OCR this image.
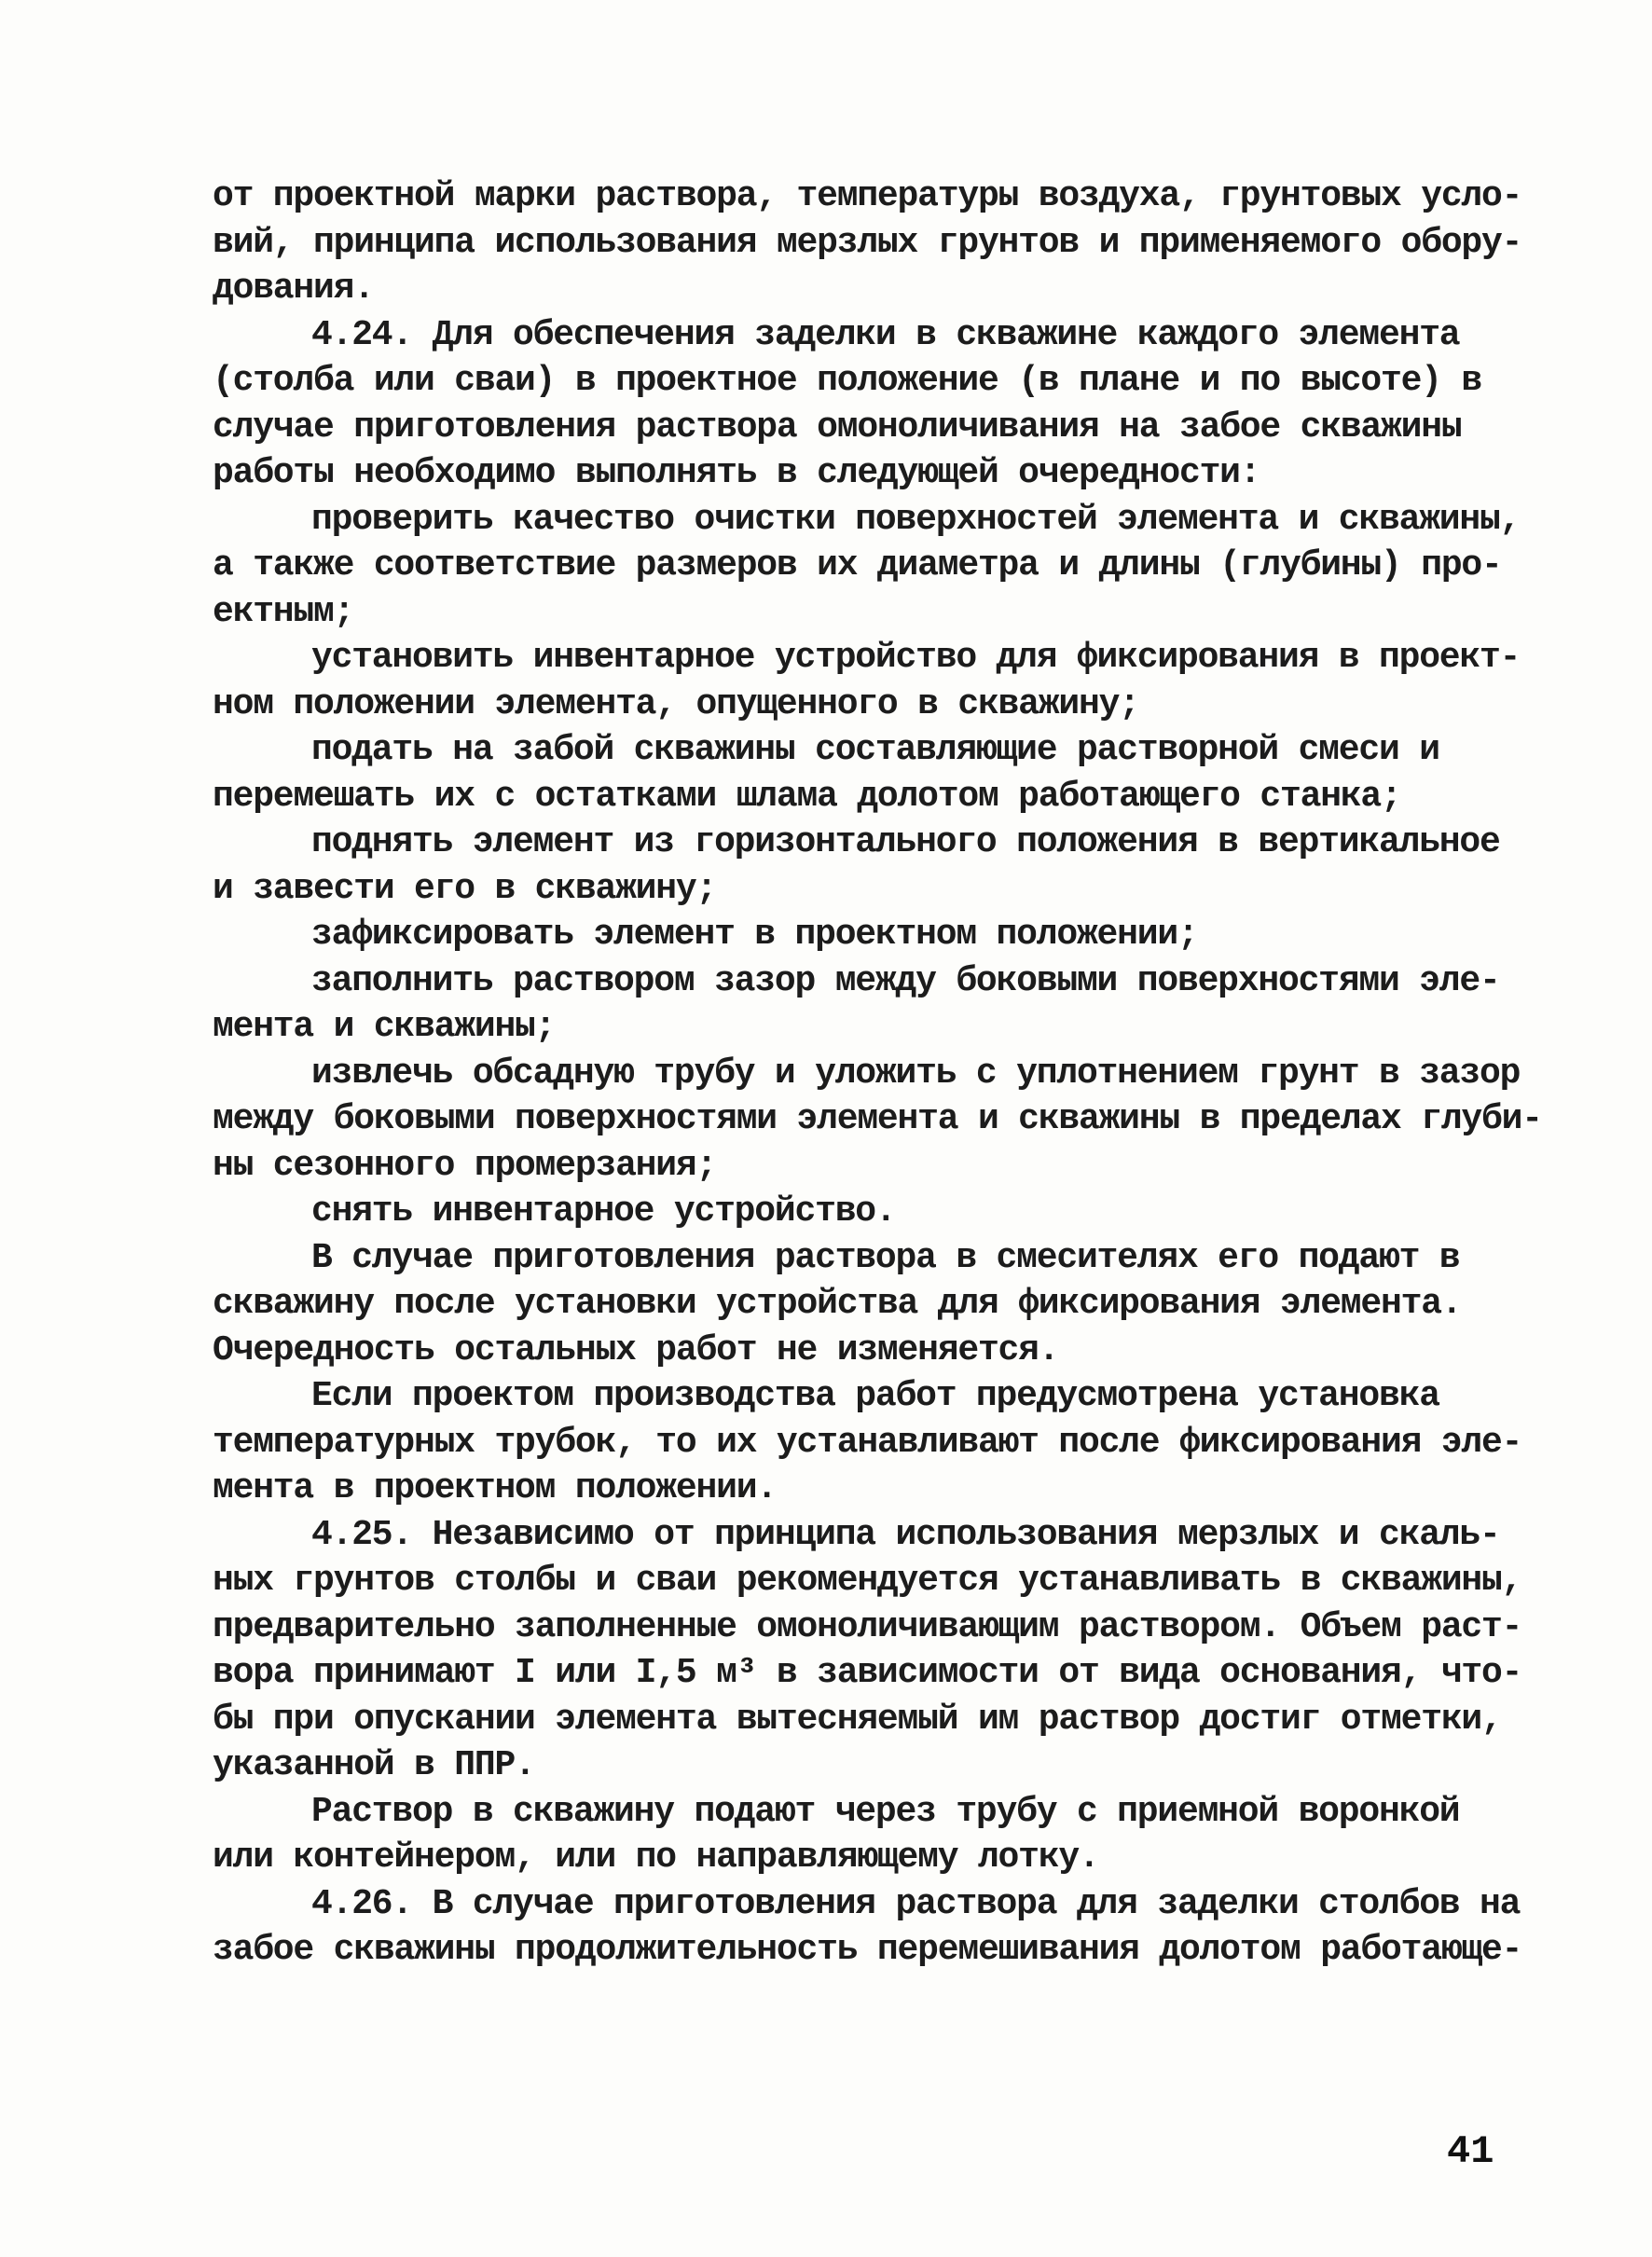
от проектной марки раствора, температуры воздуха, грунтовых усло-
вий, принципа использования мерзлых грунтов и применяемого обору-
дования.
4.24. Для обеспечения заделки в скважине каждого элемента
(столба или сваи) в проектное положение (в плане и по высоте) в
случае приготовления раствора омоноличивания на забое скважины
работы необходимо выполнять в следующей очередности:
проверить качество очистки поверхностей элемента и скважины,
а также соответствие размеров их диаметра и длины (глубины) про-
ектным;
установить инвентарное устройство для фиксирования в проект-
ном положении элемента, опущенного в скважину;
подать на забой скважины составляющие растворной смеси и
перемешать их с остатками шлама долотом работающего станка;
поднять элемент из горизонтального положения в вертикальное
и завести его в скважину;
зафиксировать элемент в проектном положении;
заполнить раствором зазор между боковыми поверхностями эле-
мента и скважины;
извлечь обсадную трубу и уложить с уплотнением грунт в зазор
между боковыми поверхностями элемента и скважины в пределах глуби-
ны сезонного промерзания;
снять инвентарное устройство.
В случае приготовления раствора в смесителях его подают в
скважину после установки устройства для фиксирования элемента.
Очередность остальных работ не изменяется.
Если проектом производства работ предусмотрена установка
температурных трубок, то их устанавливают после фиксирования эле-
мента в проектном положении.
4.25. Независимо от принципа использования мерзлых и скаль-
ных грунтов столбы и сваи рекомендуется устанавливать в скважины,
предварительно заполненные омоноличивающим раствором. Объем раст-
вора принимают I или I,5 м³ в зависимости от вида основания, что-
бы при опускании элемента вытесняемый им раствор достиг отметки,
указанной в ППР.
Раствор в скважину подают через трубу с приемной воронкой
или контейнером, или по направляющему лотку.
4.26. В случае приготовления раствора для заделки столбов на
забое скважины продолжительность перемешивания долотом работающе-
41
